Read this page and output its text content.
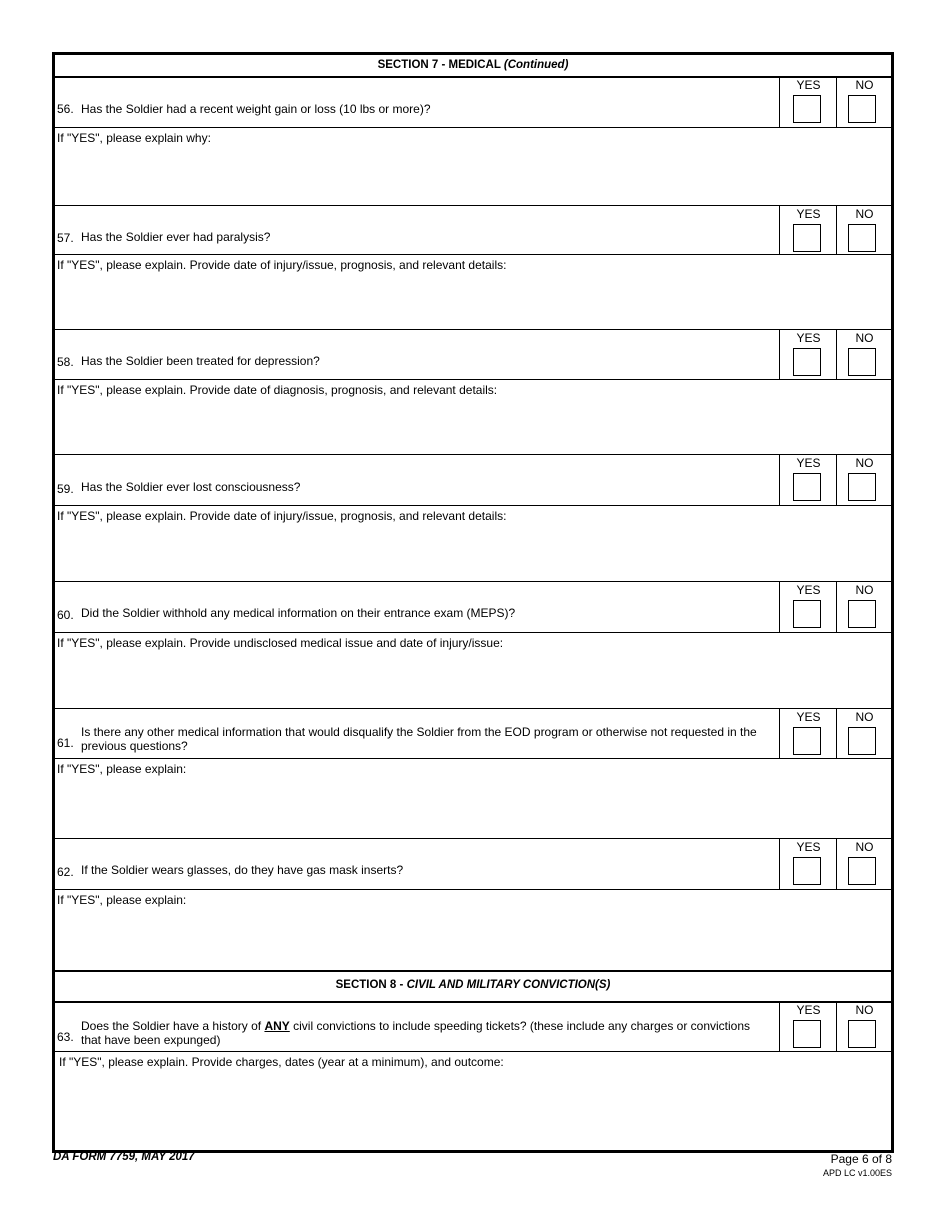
SECTION 7 - MEDICAL (Continued)
56. Has the Soldier had a recent weight gain or loss (10 lbs or more)?
YES	NO
If "YES", please explain why:
57. Has the Soldier ever had paralysis?
YES	NO
If "YES", please explain. Provide date of injury/issue, prognosis, and relevant details:
58. Has the Soldier been treated for depression?
YES	NO
If "YES", please explain. Provide date of diagnosis, prognosis, and relevant details:
59. Has the Soldier ever lost consciousness?
YES	NO
If "YES", please explain. Provide date of injury/issue, prognosis, and relevant details:
60. Did the Soldier withhold any medical information on their entrance exam (MEPS)?
YES	NO
If "YES", please explain. Provide undisclosed medical issue and date of injury/issue:
61.
Is there any other medical information that would disqualify the Soldier from the EOD program or otherwise not requested in the previous questions?
YES	NO
If "YES", please explain:
62. If the Soldier wears glasses, do they have gas mask inserts?
YES	NO
If "YES", please explain:
SECTION 8 - CIVIL AND MILITARY CONVICTION(S)
63.
Does the Soldier have a history of ANY civil convictions to include speeding tickets? (these include any charges or convictions that have been expunged)
YES	NO
If "YES", please explain. Provide charges, dates (year at a minimum), and outcome:
DA FORM 7759, MAY 2017	Page 6 of 8
APD LC v1.00ES
